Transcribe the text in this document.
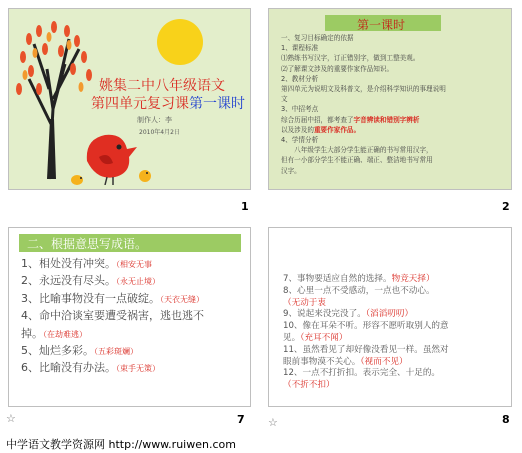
姚集二中八年级语文
第四单元复习课第一课时
制作人：李
2010年4月2日
1
第一课时
一、复习目标确定的依据
1、课程标准
⑴熟练书写汉字，订正错别字，做到工整美观。
⑵了解课文涉及的重要作家作品知识。
2、教材分析
第四单元为说明文及科普文，是介绍科学知识的事理说明
文
3、中招考点
综合历届中招，都考查了字音辨读和错别字辨析
以及涉及的重要作家作品。
4、学情分析
　　八年级学生大部分学生能正确的书写常用汉字，
但有一小部分学生不能正确、端正、整洁地书写常用
汉字。
2
二、根据意思写成语。
1、相处没有冲突。（相安无事
2、永远没有尽头。（永无止境）
3、比喻事物没有一点破绽。（天衣无缝）
4、命中洽谈室要遭受祸害，逃也逃不
掉。（在劫难逃）
5、灿烂多彩。（五彩斑斓）
6、比喻没有办法。（束手无策）
☆	7
7、事物要适应自然的选择。物竞天择）
8、心里一点不受感动，一点也不动心。
（无动于衷
9、说起来没完没了。（滔滔叨叨）
10、像在耳朵不听。形容不愿听取别人的意
见。（充耳不闻）
11、虽然看见了却好像没看见一样。虽然对
眼前事物漠不关心。（视而不见）
12、一点不打折扣。表示完全、十足的。
（不折不扣）
☆	8
中学语文教学资源网 http://www.ruiwen.com
